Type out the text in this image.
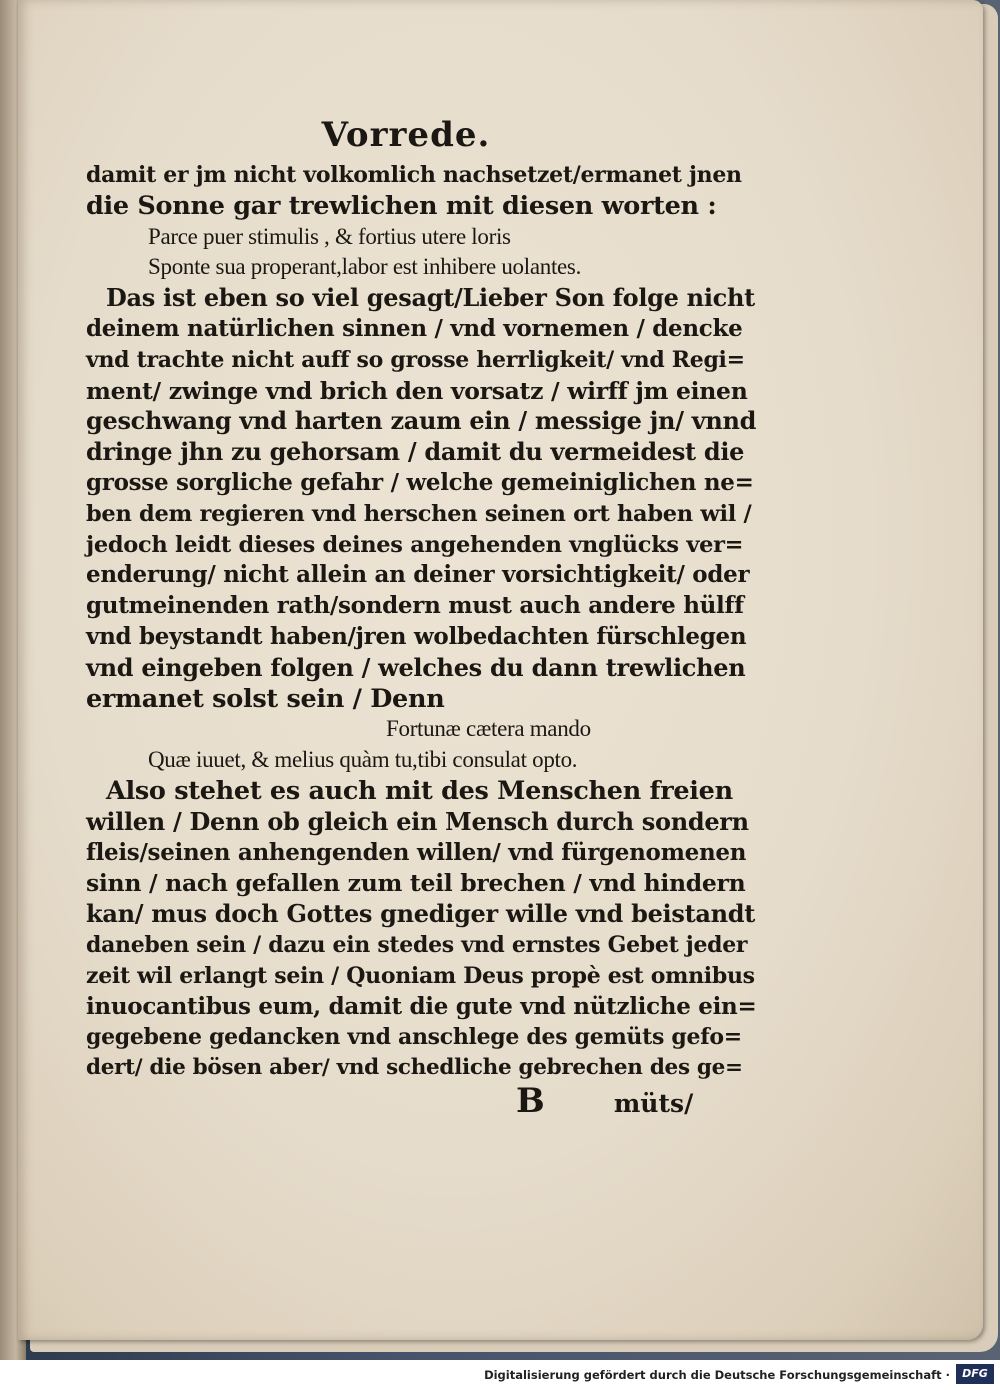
Vorrede.
damit er jm nicht volkomlich nachsetzet/ermanet jnen
die Sonne gar trewlichen mit diesen worten :
Parce puer stimulis , & fortius utere loris
Sponte sua properant,labor est inhibere uolantes.
Das ist eben so viel gesagt/Lieber Son folge nicht
deinem natürlichen sinnen / vnd vornemen / dencke
vnd trachte nicht auff so grosse herrligkeit/ vnd Regi=
ment/ zwinge vnd brich den vorsatz / wirff jm einen
geschwang vnd harten zaum ein / messige jn/ vnnd
dringe jhn zu gehorsam / damit du vermeidest die
grosse sorgliche gefahr / welche gemeiniglichen ne=
ben dem regieren vnd herschen seinen ort haben wil /
jedoch leidt dieses deines angehenden vnglücks ver=
enderung/ nicht allein an deiner vorsichtigkeit/ oder
gutmeinenden rath/sondern must auch andere hülff
vnd beystandt haben/jren wolbedachten fürschlegen
vnd eingeben folgen / welches du dann trewlichen
ermanet solst sein / Denn
Fortunæ cætera mando
Quæ iuuet, & melius quàm tu,tibi consulat opto.
Also stehet es auch mit des Menschen freien
willen / Denn ob gleich ein Mensch durch sondern
fleis/seinen anhengenden willen/ vnd fürgenomenen
sinn / nach gefallen zum teil brechen / vnd hindern
kan/ mus doch Gottes gnediger wille vnd beistandt
daneben sein / dazu ein stedes vnd ernstes Gebet jeder
zeit wil erlangt sein / Quoniam Deus propè est omnibus
inuocantibus eum, damit die gute vnd nützliche ein=
gegebene gedancken vnd anschlege des gemüts gefo=
dert/ die bösen aber/ vnd schedliche gebrechen des ge=
B	müts/
Digitalisierung gefördert durch die Deutsche Forschungsgemeinschaft ·	DFG
